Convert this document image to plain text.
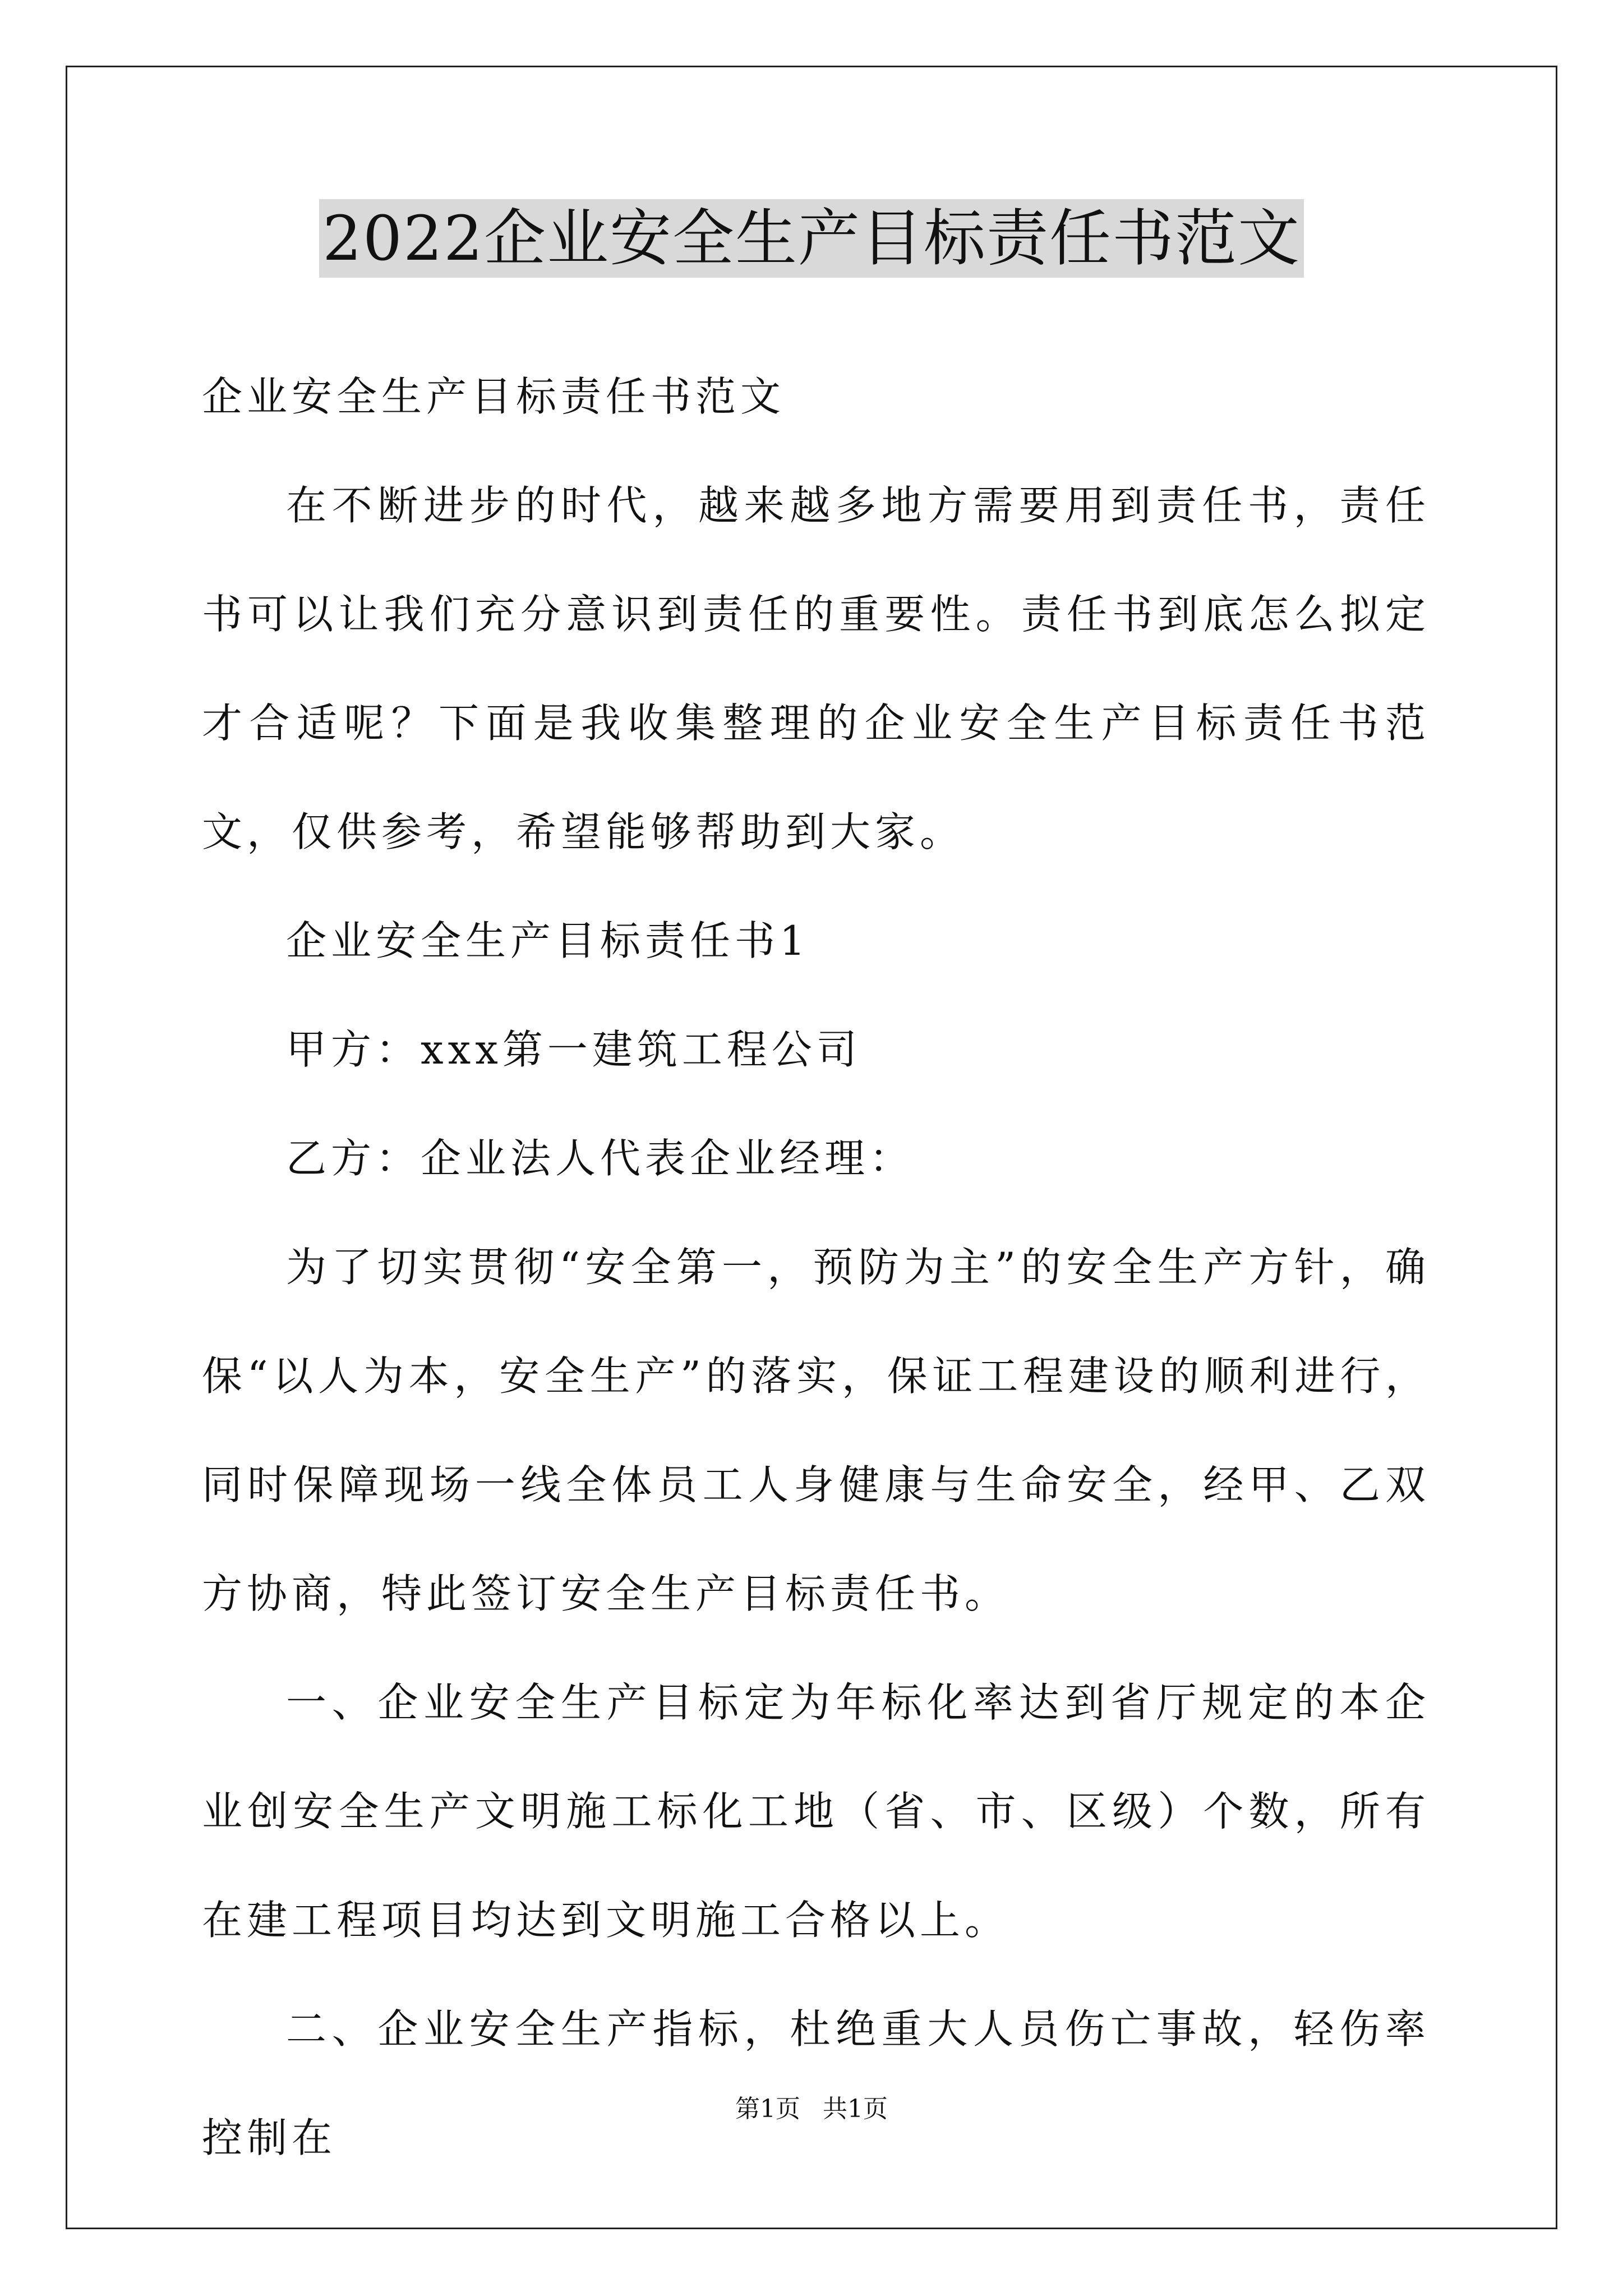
2022企业安全生产目标责任书范文

企业安全生产目标责任书范文

在不断进步的时代，越来越多地方需要用到责任书，责任书可以让我们充分意识到责任的重要性。责任书到底怎么拟定才合适呢？下面是我收集整理的企业安全生产目标责任书范文，仅供参考，希望能够帮助到大家。

企业安全生产目标责任书1

甲方：xxx第一建筑工程公司

乙方：企业法人代表企业经理：

为了切实贯彻“安全第一，预防为主”的安全生产方针，确保“以人为本，安全生产”的落实，保证工程建设的顺利进行，同时保障现场一线全体员工人身健康与生命安全，经甲、乙双方协商，特此签订安全生产目标责任书。

一、企业安全生产目标定为年标化率达到省厅规定的本企业创安全生产文明施工标化工地（省、市、区级）个数，所有在建工程项目均达到文明施工合格以上。

二、企业安全生产指标，杜绝重大人员伤亡事故，轻伤率控制在

第1页 共1页
